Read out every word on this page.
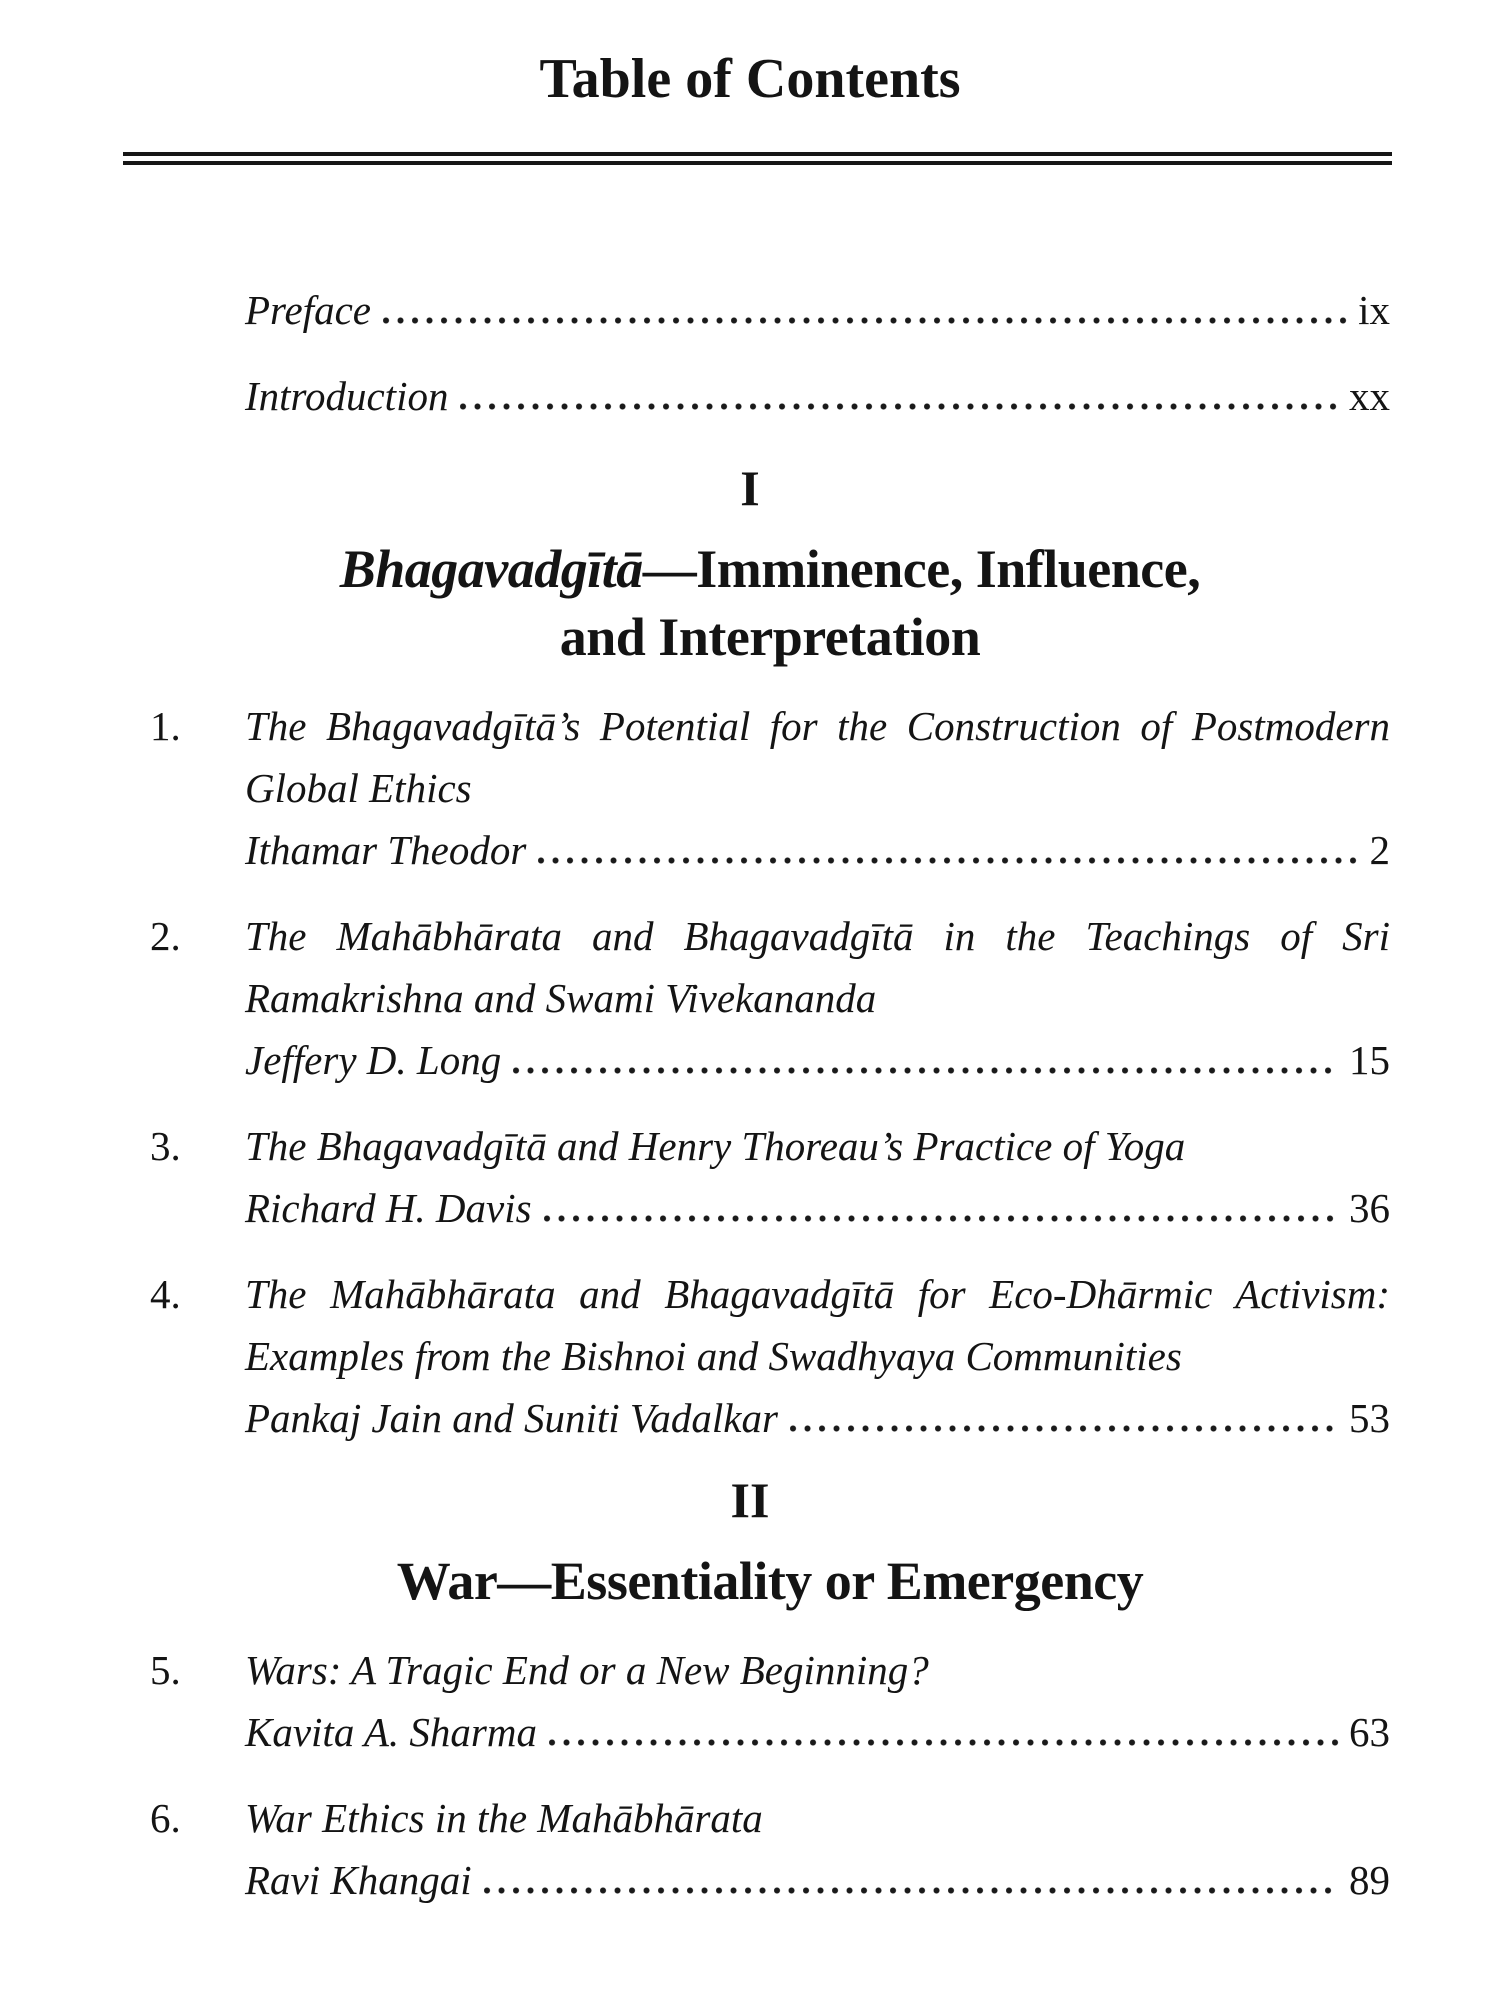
Table of Contents
Preface	ix
Introduction	xx
I
Bhagavadgītā—Imminence, Influence,
and Interpretation
1.	The Bhagavadgītā’s Potential for the Construction of Postmodern
Global Ethics
Ithamar Theodor	2
2.	The Mahābhārata and Bhagavadgītā in the Teachings of Sri
Ramakrishna and Swami Vivekananda
Jeffery D. Long	15
3.	The Bhagavadgītā and Henry Thoreau’s Practice of Yoga
Richard H. Davis	36
4.	The Mahābhārata and Bhagavadgītā for Eco-Dhārmic Activism:
Examples from the Bishnoi and Swadhyaya Communities
Pankaj Jain and Suniti Vadalkar	53
II
War—Essentiality or Emergency
5.	Wars: A Tragic End or a New Beginning?
Kavita A. Sharma	63
6.	War Ethics in the Mahābhārata
Ravi Khangai	89
